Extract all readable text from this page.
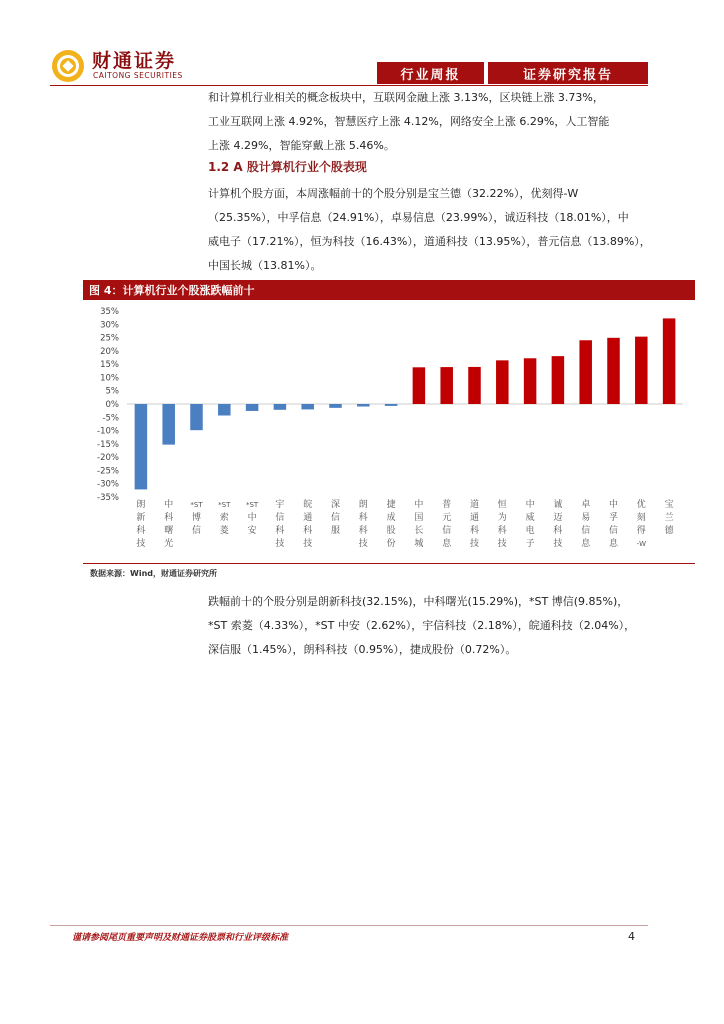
财通证券
CAITONG SECURITIES	行业周报	证券研究报告
和计算机行业相关的概念板块中，互联网金融上涨 3.13%，区块链上涨 3.73%，
工业互联网上涨 4.92%，智慧医疗上涨 4.12%，网络安全上涨 6.29%，人工智能
上涨 4.29%，智能穿戴上涨 5.46%。
1.2 A 股计算机行业个股表现
计算机个股方面，本周涨幅前十的个股分别是宝兰德（32.22%），优刻得-W
（25.35%），中孚信息（24.91%），卓易信息（23.99%），诚迈科技（18.01%），中
威电子（17.21%），恒为科技（16.43%），道通科技（13.95%），普元信息（13.89%），
中国长城（13.81%）。
图 4：计算机行业个股涨跌幅前十
35%
30%
25%
20%
15%
10%
5%
0%
-5%
-10%
-15%
-20%
-25%
-30%
-35%
朗新科技
中科曙光
*ST 博信
*ST 索菱
*ST 中安
宇信科技
皖通科技
深信服
朗科科技
捷成股份
中国长城
普元信息
道通科技
恒为科技
中威电子
诚迈科技
卓易信息
中孚信息
优刻得-W
宝兰德
数据来源：Wind，财通证券研究所
跌幅前十的个股分别是朗新科技(32.15%)，中科曙光(15.29%)，*ST 博信(9.85%)，
*ST 索菱（4.33%），*ST 中安（2.62%），宇信科技（2.18%），皖通科技（2.04%），
深信服（1.45%），朗科科技（0.95%），捷成股份（0.72%）。
谨请参阅尾页重要声明及财通证券股票和行业评级标准	4
